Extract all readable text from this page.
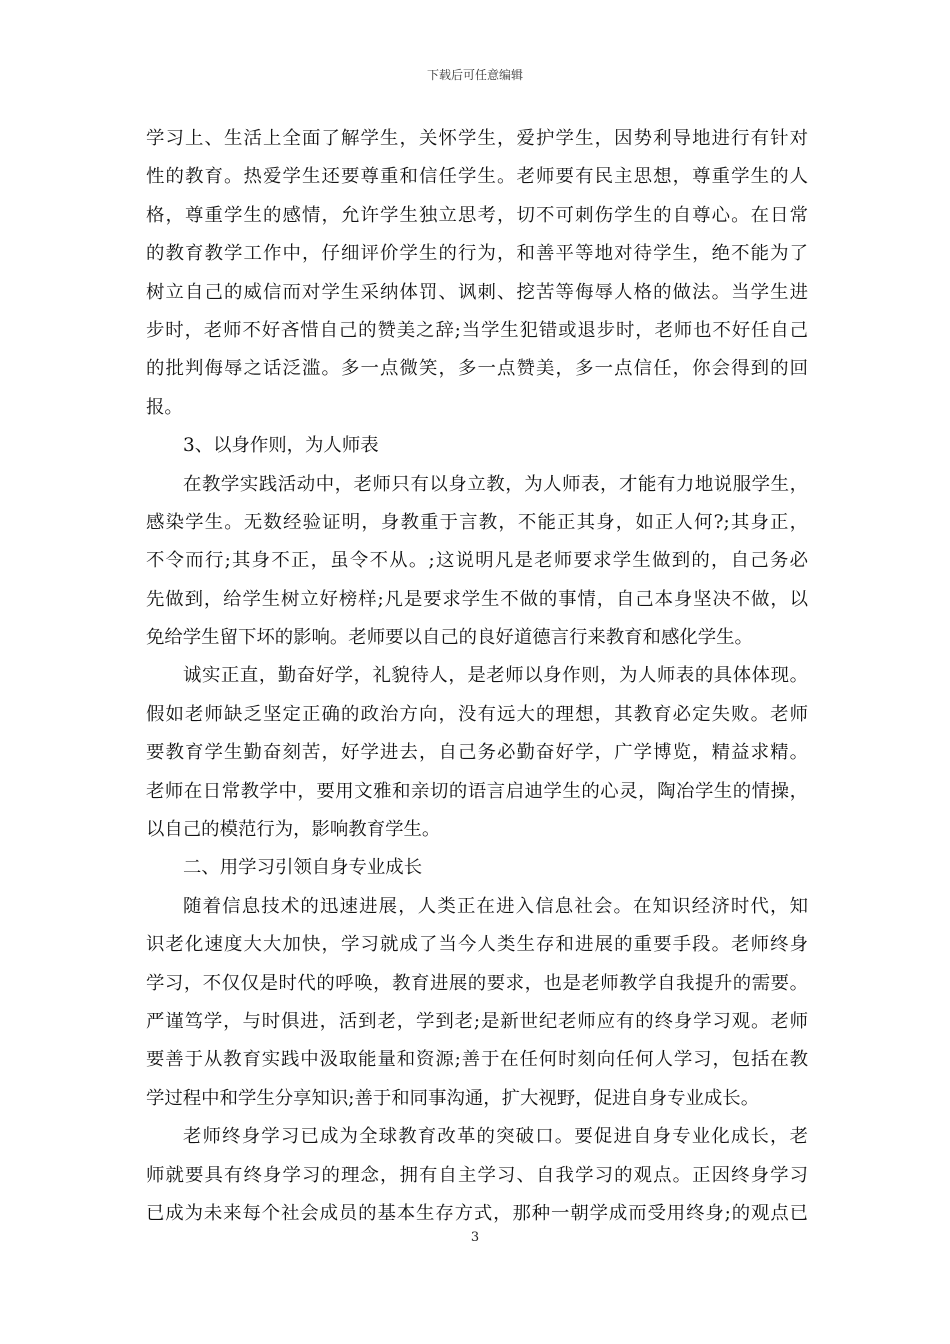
下载后可任意编辑
学习上、生活上全面了解学生，关怀学生，爱护学生，因势利导地进行有针对
性的教育。热爱学生还要尊重和信任学生。老师要有民主思想，尊重学生的人
格，尊重学生的感情，允许学生独立思考，切不可刺伤学生的自尊心。在日常
的教育教学工作中，仔细评价学生的行为，和善平等地对待学生，绝不能为了
树立自己的威信而对学生采纳体罚、讽刺、挖苦等侮辱人格的做法。当学生进
步时，老师不好吝惜自己的赞美之辞;当学生犯错或退步时，老师也不好任自己
的批判侮辱之话泛滥。多一点微笑，多一点赞美，多一点信任，你会得到的回
报。
3、以身作则，为人师表
在教学实践活动中，老师只有以身立教，为人师表，才能有力地说服学生，
感染学生。无数经验证明，身教重于言教，不能正其身，如正人何?;其身正，
不令而行;其身不正，虽令不从。;这说明凡是老师要求学生做到的，自己务必
先做到，给学生树立好榜样;凡是要求学生不做的事情，自己本身坚决不做，以
免给学生留下坏的影响。老师要以自己的良好道德言行来教育和感化学生。
诚实正直，勤奋好学，礼貌待人，是老师以身作则，为人师表的具体体现。
假如老师缺乏坚定正确的政治方向，没有远大的理想，其教育必定失败。老师
要教育学生勤奋刻苦，好学进去，自己务必勤奋好学，广学博览，精益求精。
老师在日常教学中，要用文雅和亲切的语言启迪学生的心灵，陶冶学生的情操，
以自己的模范行为，影响教育学生。
二、用学习引领自身专业成长
随着信息技术的迅速进展，人类正在进入信息社会。在知识经济时代，知
识老化速度大大加快，学习就成了当今人类生存和进展的重要手段。老师终身
学习，不仅仅是时代的呼唤，教育进展的要求，也是老师教学自我提升的需要。
严谨笃学，与时俱进，活到老，学到老;是新世纪老师应有的终身学习观。老师
要善于从教育实践中汲取能量和资源;善于在任何时刻向任何人学习，包括在教
学过程中和学生分享知识;善于和同事沟通，扩大视野，促进自身专业成长。
老师终身学习已成为全球教育改革的突破口。要促进自身专业化成长，老
师就要具有终身学习的理念，拥有自主学习、自我学习的观点。正因终身学习
已成为未来每个社会成员的基本生存方式，那种一朝学成而受用终身;的观点已
3
